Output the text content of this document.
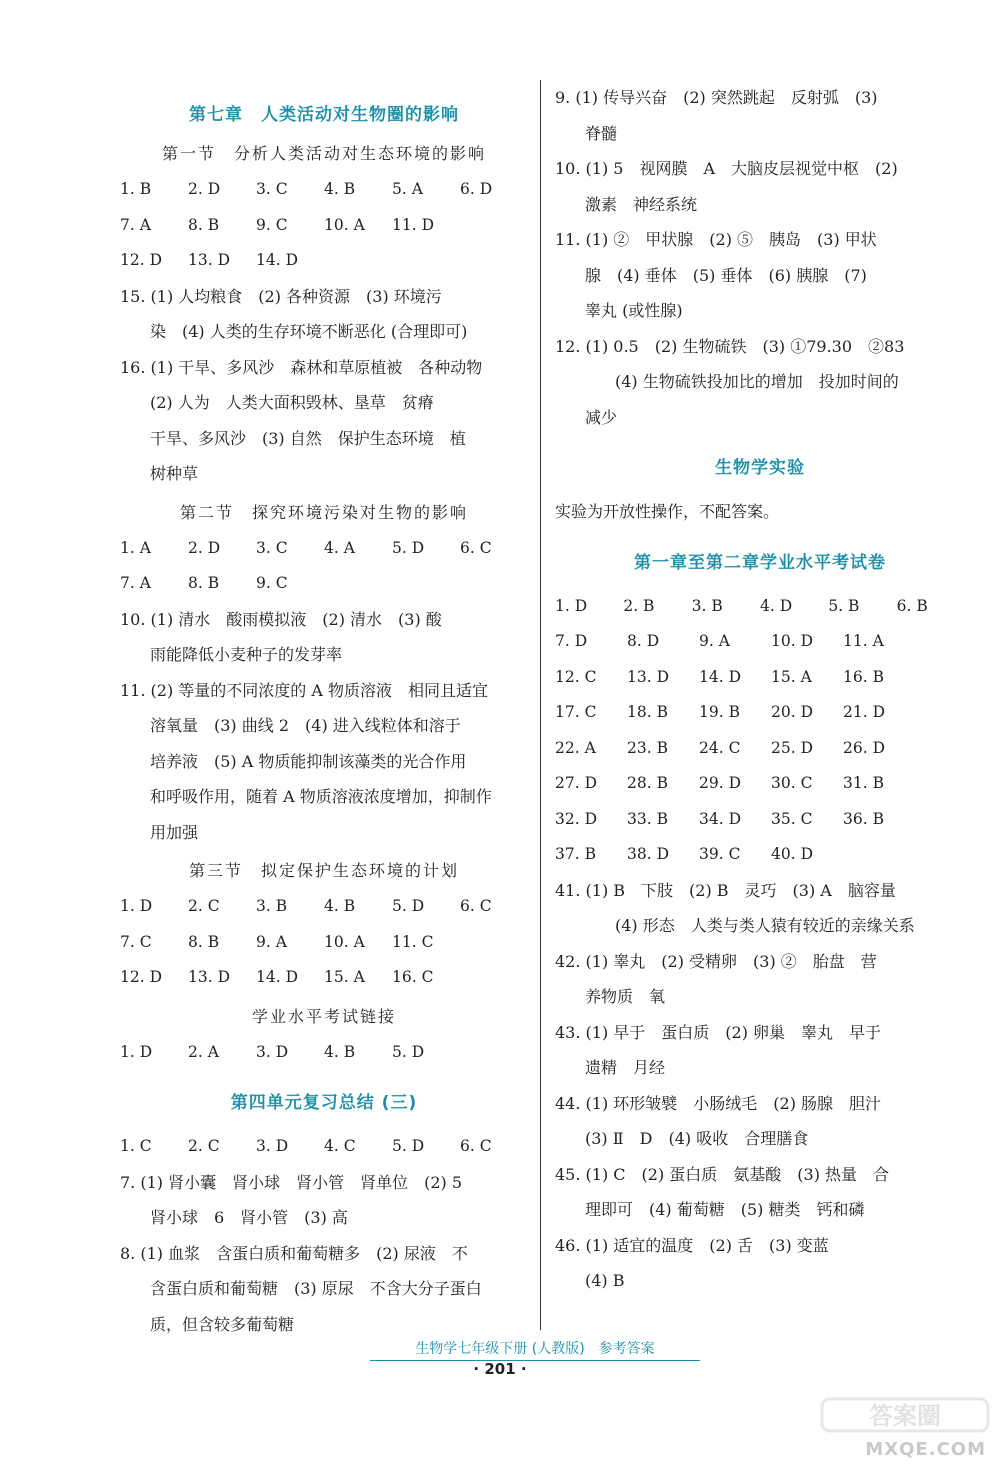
第七章　人类活动对生物圈的影响
第一节　分析人类活动对生态环境的影响
1. B	2. D	3. C	4. B	5. A	6. D
7. A	8. B	9. C	10. A	11. D
12. D	13. D	14. D
15. (1) 人均粮食　(2) 各种资源　(3) 环境污
染　(4) 人类的生存环境不断恶化 (合理即可)
16. (1) 干旱、多风沙　森林和草原植被　各种动物
(2) 人为　人类大面积毁林、垦草　贫瘠
干旱、多风沙　(3) 自然　保护生态环境　植
树种草
第二节　探究环境污染对生物的影响
1. A	2. D	3. C	4. A	5. D	6. C
7. A	8. B	9. C
10. (1) 清水　酸雨模拟液　(2) 清水　(3) 酸
雨能降低小麦种子的发芽率
11. (2) 等量的不同浓度的 A 物质溶液　相同且适宜
溶氧量　(3) 曲线 2　(4) 进入线粒体和溶于
培养液　(5) A 物质能抑制该藻类的光合作用
和呼吸作用，随着 A 物质溶液浓度增加，抑制作
用加强
第三节　拟定保护生态环境的计划
1. D	2. C	3. B	4. B	5. D	6. C
7. C	8. B	9. A	10. A	11. C
12. D	13. D	14. D	15. A	16. C
学业水平考试链接
1. D	2. A	3. D	4. B	5. D
第四单元复习总结 (三)
1. C	2. C	3. D	4. C	5. D	6. C
7. (1) 肾小囊　肾小球　肾小管　肾单位　(2) 5
肾小球　6　肾小管　(3) 高
8. (1) 血浆　含蛋白质和葡萄糖多　(2) 尿液　不
含蛋白质和葡萄糖　(3) 原尿　不含大分子蛋白
质，但含较多葡萄糖
9. (1) 传导兴奋　(2) 突然跳起　反射弧　(3)
脊髓
10. (1) 5　视网膜　A　大脑皮层视觉中枢　(2)
激素　神经系统
11. (1) ②　甲状腺　(2) ⑤　胰岛　(3) 甲状
腺　(4) 垂体　(5) 垂体　(6) 胰腺　(7)
睾丸 (或性腺)
12. (1) 0.5　(2) 生物硫铁　(3) ①79.30　②83
(4) 生物硫铁投加比的增加　投加时间的
减少
生物学实验
实验为开放性操作，不配答案。
第一章至第二章学业水平考试卷
1. D	2. B	3. B	4. D	5. B	6. B
7. D	8. D	9. A	10. D	11. A
12. C	13. D	14. D	15. A	16. B
17. C	18. B	19. B	20. D	21. D
22. A	23. B	24. C	25. D	26. D
27. D	28. B	29. D	30. C	31. B
32. D	33. B	34. D	35. C	36. B
37. B	38. D	39. C	40. D
41. (1) B　下肢　(2) B　灵巧　(3) A　脑容量
(4) 形态　人类与类人猿有较近的亲缘关系
42. (1) 睾丸　(2) 受精卵　(3) ②　胎盘　营
养物质　氧
43. (1) 早于　蛋白质　(2) 卵巢　睾丸　早于
遗精　月经
44. (1) 环形皱襞　小肠绒毛　(2) 肠腺　胆汁
(3) Ⅱ　D　(4) 吸收　合理膳食
45. (1) C　(2) 蛋白质　氨基酸　(3) 热量　合
理即可　(4) 葡萄糖　(5) 糖类　钙和磷
46. (1) 适宜的温度　(2) 舌　(3) 变蓝
(4) B
生物学七年级下册 (人教版)　参考答案
· 201 ·
答案圈
MXQE.COM
